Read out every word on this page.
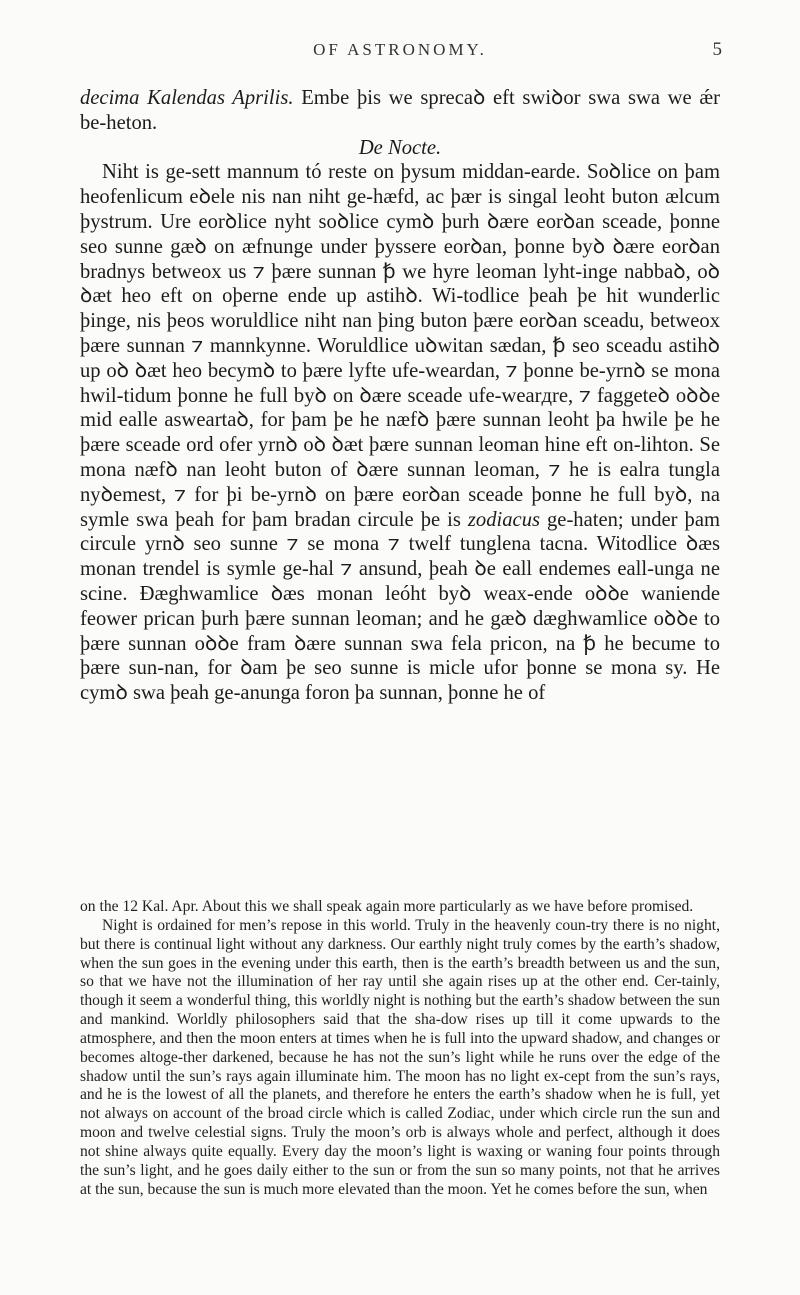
OF ASTRONOMY.	5

decima Kalendas Aprilis. Embe þis we sprecaꝺ eft swiꝺor swa swa we ǽr be-heton.

De Nocte.

Niht is ge-sett mannum tó reste on þysum middan-earde. Soꝺlice on þam heofenlicum eꝺele nis nan niht ge-hæfd, ac þær is singal leoht buton ælcum þystrum. Ure eorꝺlice nyht soꝺlice cymꝺ þurh ꝺære eorꝺan sceade, þonne seo sunne gæꝺ on æfnunge under þyssere eorꝺan, þonne byꝺ ꝺære eorꝺan bradnys betweox us ⁊ þære sunnan ꝥ we hyre leoman lyht-inge nabbaꝺ, oꝺ ꝺæt heo eft on oþerne ende up astihꝺ. Wi-todlice þeah þe hit wunderlic þinge, nis þeos woruldlice niht nan þing buton þære eorꝺan sceadu, betweox þære sunnan ⁊ mannkynne. Woruldlice uꝺwitan sædan, ꝥ seo sceadu astihꝺ up oꝺ ꝺæt heo becymꝺ to þære lyfte ufe-weardan, ⁊ þonne be-yrnꝺ se mona hwil-tidum þonne he full byꝺ on ꝺære sceade ufe-wearдre, ⁊ faggeteꝺ oꝺꝺe mid ealle asweartaꝺ, for þam þe he næfꝺ þære sunnan leoht þa hwile þe he þære sceade ord ofer yrnꝺ oꝺ ꝺæt þære sunnan leoman hine eft on-lihton. Se mona næfꝺ nan leoht buton of ꝺære sunnan leoman, ⁊ he is ealra tungla nyꝺemest, ⁊ for þi be-yrnꝺ on þære eorꝺan sceade þonne he full byꝺ, na symle swa þeah for þam bradan circule þe is zodiacus ge-haten; under þam circule yrnꝺ seo sunne ⁊ se mona ⁊ twelf tunglena tacna. Witodlice ꝺæs monan trendel is symle ge-hal ⁊ ansund, þeah ꝺe eall endemes eall-unga ne scine. Ðæghwamlice ꝺæs monan leóht byꝺ weax-ende oꝺꝺe waniende feower prican þurh þære sunnan leoman; and he gæꝺ dæghwamlice oꝺꝺe to þære sunnan oꝺꝺe fram ꝺære sunnan swa fela pricon, na ꝥ he becume to þære sun-nan, for ꝺam þe seo sunne is micle ufor þonne se mona sy. He cymꝺ swa þeah ge-anunga foron þa sunnan, þonne he of

on the 12 Kal. Apr. About this we shall speak again more particularly as we have before promised.

Night is ordained for men’s repose in this world. Truly in the heavenly coun-try there is no night, but there is continual light without any darkness. Our earthly night truly comes by the earth’s shadow, when the sun goes in the evening under this earth, then is the earth’s breadth between us and the sun, so that we have not the illumination of her ray until she again rises up at the other end. Cer-tainly, though it seem a wonderful thing, this worldly night is nothing but the earth’s shadow between the sun and mankind. Worldly philosophers said that the sha-dow rises up till it come upwards to the atmosphere, and then the moon enters at times when he is full into the upward shadow, and changes or becomes altoge-ther darkened, because he has not the sun’s light while he runs over the edge of the shadow until the sun’s rays again illuminate him. The moon has no light ex-cept from the sun’s rays, and he is the lowest of all the planets, and therefore he enters the earth’s shadow when he is full, yet not always on account of the broad circle which is called Zodiac, under which circle run the sun and moon and twelve celestial signs. Truly the moon’s orb is always whole and perfect, although it does not shine always quite equally. Every day the moon’s light is waxing or waning four points through the sun’s light, and he goes daily either to the sun or from the sun so many points, not that he arrives at the sun, because the sun is much more elevated than the moon. Yet he comes before the sun, when
